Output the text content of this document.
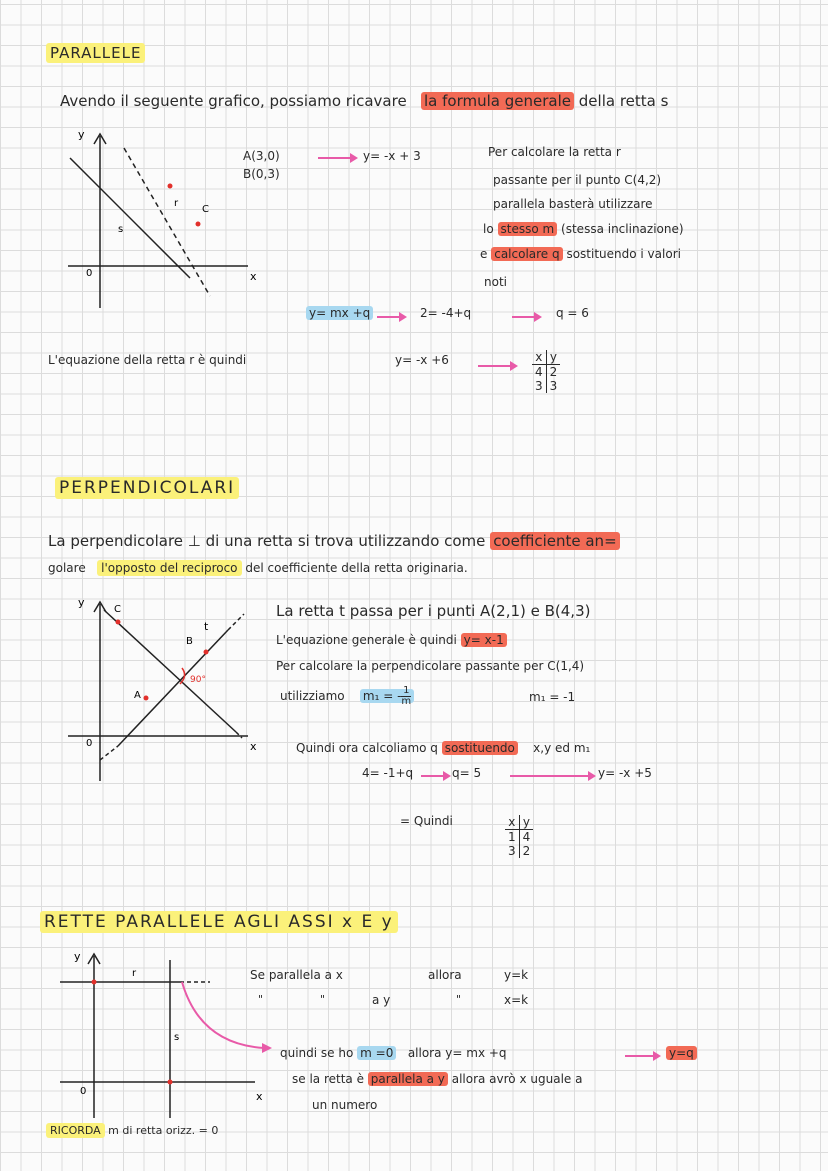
PARALLELE
Avendo il seguente grafico, possiamo ricavare la formula generale della retta s
y
0	x
s
r
C
A(3,0)
B(0,3)
y= -x + 3	Per calcolare la retta r
passante per il punto C(4,2)
parallela basterà utilizzare
lo stesso m (stessa inclinazione)
e calcolare q sostituendo i valori
noti
y= mx +q	2= -4+q	q = 6
L'equazione della retta r è quindi	y= -x +6	x	y
4	2
3	3
PERPENDICOLARI
La perpendicolare ⊥ di una retta si trova utilizzando come coefficiente an=
golare l'opposto del reciproco del coefficiente della retta originaria.
y
0	x
C
A
B
t
90°
La retta t passa per i punti A(2,1) e B(4,3)
L'equazione generale è quindi y= x-1
Per calcolare la perpendicolare passante per C(1,4)
utilizziamo m₁ = - $\frac{1}{m}$	m₁ = -1
Quindi ora calcoliamo q sostituendo x,y ed m₁
4= -1+q	q= 5	y= -x +5
= Quindi	x	y
1	4
3	2
RETTE PARALLELE AGLI ASSI x E y
y
0	x
r
s
Se parallela a x	allora	y=k
"	"	a y	"	x=k
quindi se ho m =0 allora y= mx +q	y=q
se la retta è parallela a y allora avrò x uguale a
un numero
RICORDA m di retta orizz. = 0
